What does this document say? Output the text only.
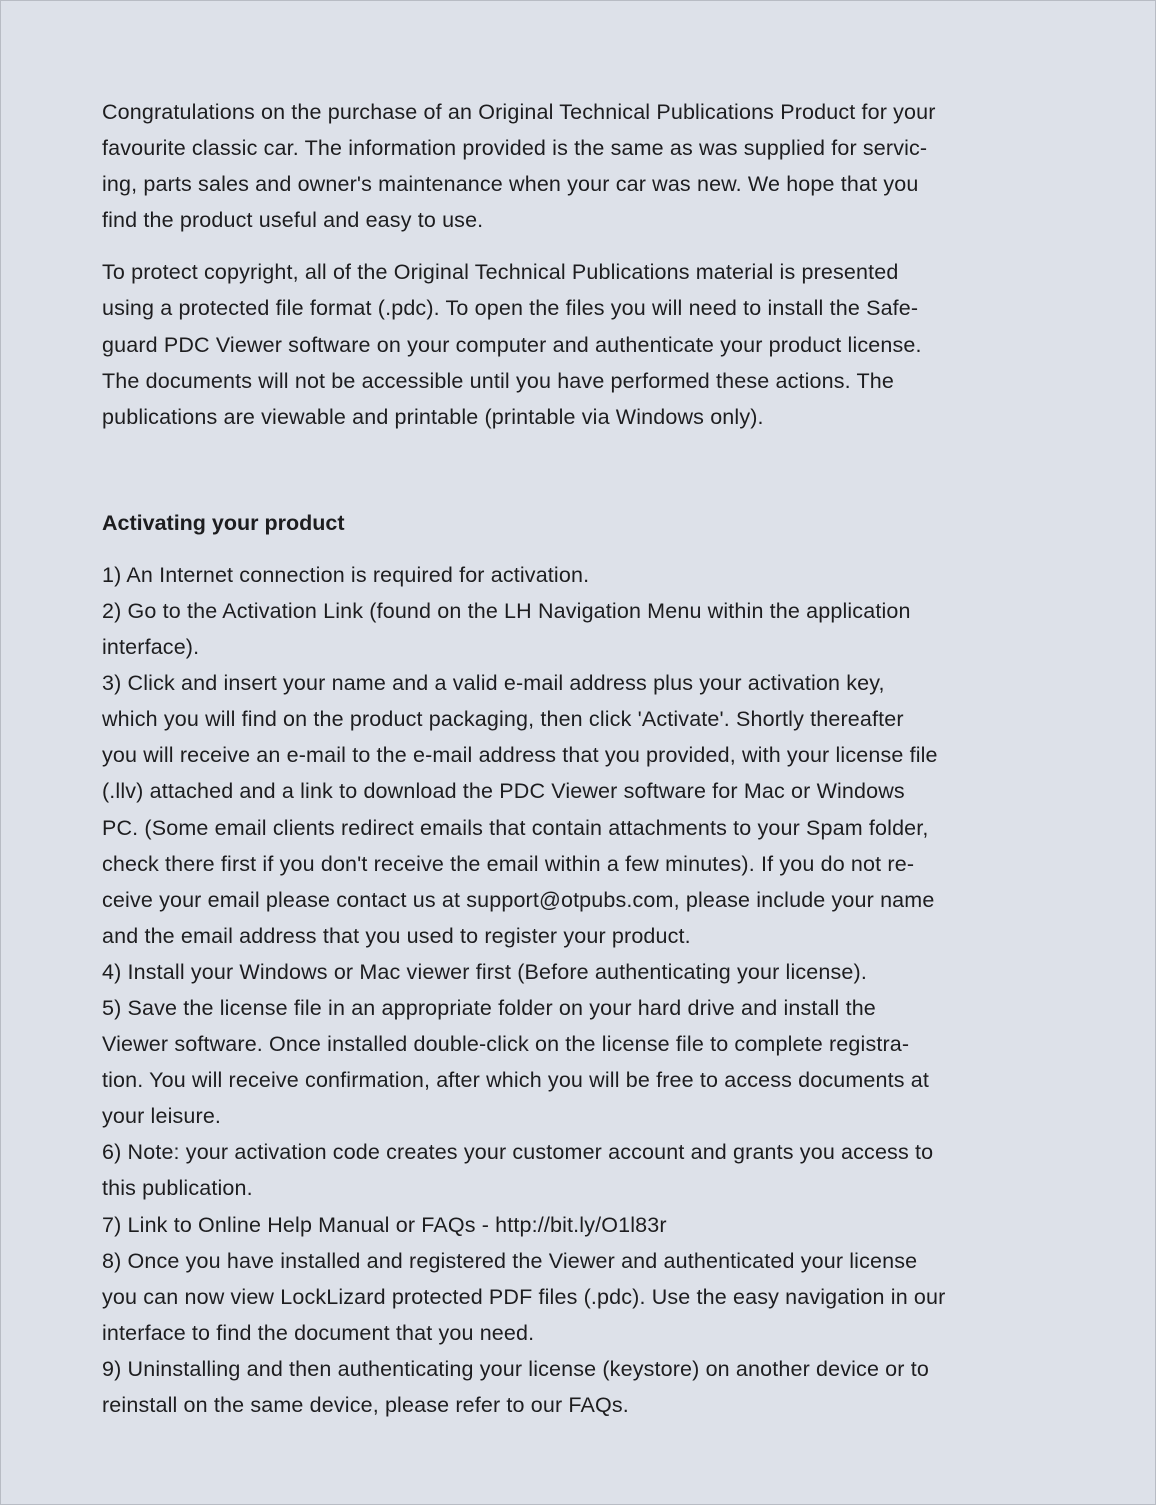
Congratulations on the purchase of an Original Technical Publications Product for your
favourite classic car. The information provided is the same as was supplied for servic-
ing, parts sales and owner's maintenance when your car was new. We hope that you
find the product useful and easy to use.

To protect copyright, all of the Original Technical Publications material is presented
using a protected file format (.pdc). To open the files you will need to install the Safe-
guard PDC Viewer software on your computer and authenticate your product license.
The documents will not be accessible until you have performed these actions. The
publications are viewable and printable (printable via Windows only).

Activating your product
1) An Internet connection is required for activation.
2) Go to the Activation Link (found on the LH Navigation Menu within the application
interface).
3) Click and insert your name and a valid e-mail address plus your activation key,
which you will find on the product packaging, then click 'Activate'. Shortly thereafter
you will receive an e-mail to the e-mail address that you provided, with your license file
(.llv) attached and a link to download the PDC Viewer software for Mac or Windows
PC. (Some email clients redirect emails that contain attachments to your Spam folder,
check there first if you don't receive the email within a few minutes). If you do not re-
ceive your email please contact us at support@otpubs.com, please include your name
and the email address that you used to register your product.
4) Install your Windows or Mac viewer first (Before authenticating your license).
5) Save the license file in an appropriate folder on your hard drive and install the
Viewer software. Once installed double-click on the license file to complete registra-
tion. You will receive confirmation, after which you will be free to access documents at
your leisure.
6) Note: your activation code creates your customer account and grants you access to
this publication.
7) Link to Online Help Manual or FAQs - http://bit.ly/O1l83r
8) Once you have installed and registered the Viewer and authenticated your license
you can now view LockLizard protected PDF files (.pdc). Use the easy navigation in our
interface to find the document that you need.
9) Uninstalling and then authenticating your license (keystore) on another device or to
reinstall on the same device, please refer to our FAQs.
